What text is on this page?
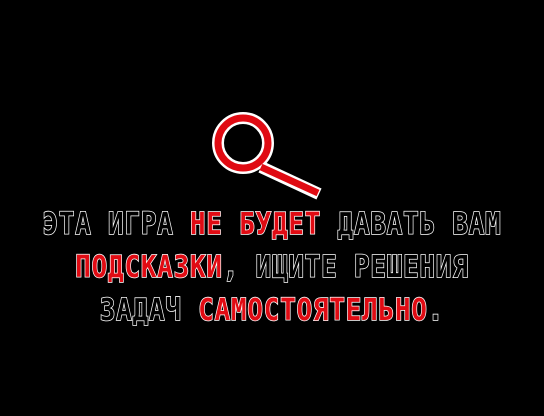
ЭТА ИГРА НЕ БУДЕТ ДАВАТЬ ВАМ
ПОДСКАЗКИ, ИЩИТЕ РЕШЕНИЯ
ЗАДАЧ САМОСТОЯТЕЛЬНО.
